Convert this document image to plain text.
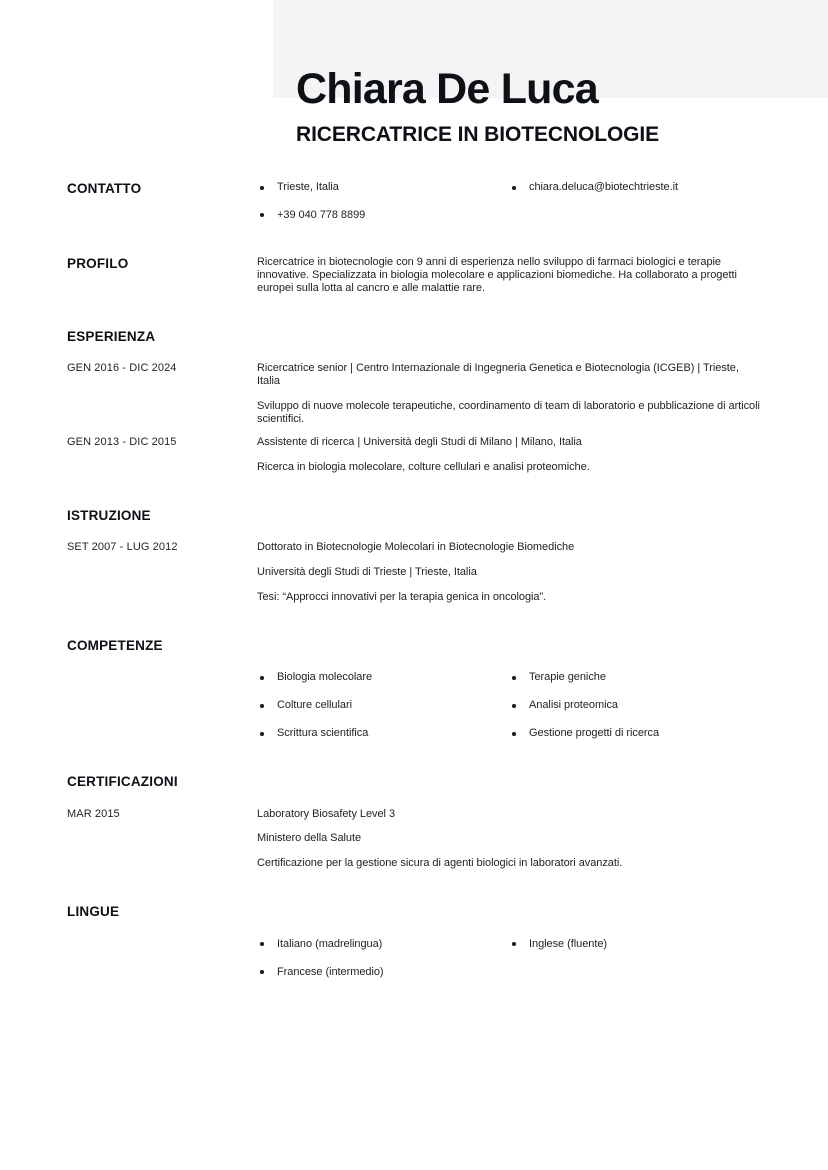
Chiara De Luca
RICERCATRICE IN BIOTECNOLOGIE
CONTATTO	Trieste, Italia
+39 040 778 8899
chiara.deluca@biotechtrieste.it
PROFILO	Ricercatrice in biotecnologie con 9 anni di esperienza nello sviluppo di farmaci biologici e terapie innovative. Specializzata in biologia molecolare e applicazioni biomediche. Ha collaborato a progetti europei sulla lotta al cancro e alle malattie rare.

ESPERIENZA
GEN 2016 - DIC 2024	Ricercatrice senior | Centro Internazionale di Ingegneria Genetica e Biotecnologia (ICGEB) | Trieste, Italia

Sviluppo di nuove molecole terapeutiche, coordinamento di team di laboratorio e pubblicazione di articoli scientifici.

GEN 2013 - DIC 2015	Assistente di ricerca | Università degli Studi di Milano | Milano, Italia

Ricerca in biologia molecolare, colture cellulari e analisi proteomiche.

ISTRUZIONE
SET 2007 - LUG 2012	Dottorato in Biotecnologie Molecolari in Biotecnologie Biomediche

Università degli Studi di Trieste | Trieste, Italia

Tesi: “Approcci innovativi per la terapia genica in oncologia”.

COMPETENZE
Biologia molecolare
Colture cellulari
Scrittura scientifica
Terapie geniche
Analisi proteomica
Gestione progetti di ricerca
CERTIFICAZIONI
MAR 2015	Laboratory Biosafety Level 3

Ministero della Salute

Certificazione per la gestione sicura di agenti biologici in laboratori avanzati.

LINGUE
Italiano (madrelingua)
Francese (intermedio)
Inglese (fluente)
